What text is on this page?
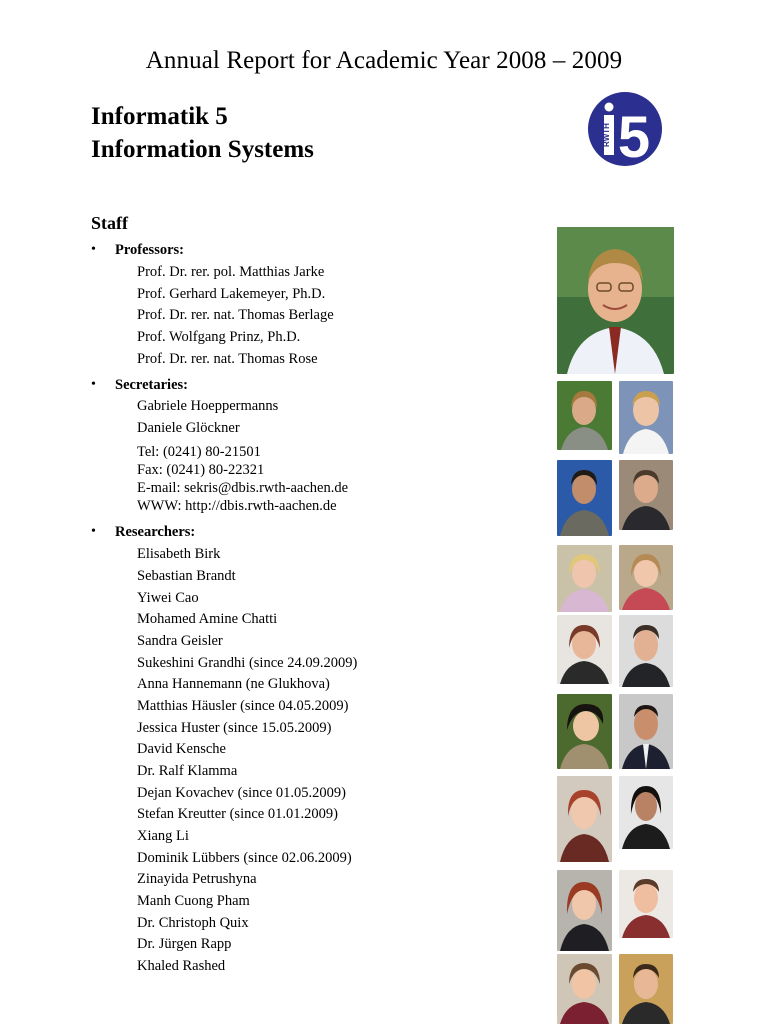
Annual Report for Academic Year 2008 – 2009
Informatik 5
Information Systems
RWTH 5
Staff
• Professors:
Prof. Dr. rer. pol. Matthias Jarke
Prof. Gerhard Lakemeyer, Ph.D.
Prof. Dr. rer. nat. Thomas Berlage
Prof. Wolfgang Prinz, Ph.D.
Prof. Dr. rer. nat. Thomas Rose
• Secretaries:
Gabriele Hoeppermanns
Daniele Glöckner
Tel: (0241) 80-21501
Fax: (0241) 80-22321
E-mail: sekris@dbis.rwth-aachen.de
WWW: http://dbis.rwth-aachen.de
• Researchers:
Elisabeth Birk
Sebastian Brandt
Yiwei Cao
Mohamed Amine Chatti
Sandra Geisler
Sukeshini Grandhi (since 24.09.2009)
Anna Hannemann (ne Glukhova)
Matthias Häusler (since 04.05.2009)
Jessica Huster (since 15.05.2009)
David Kensche
Dr. Ralf Klamma
Dejan Kovachev (since 01.05.2009)
Stefan Kreutter (since 01.01.2009)
Xiang Li
Dominik Lübbers (since 02.06.2009)
Zinayida Petrushyna
Manh Cuong Pham
Dr. Christoph Quix
Dr. Jürgen Rapp
Khaled Rashed
